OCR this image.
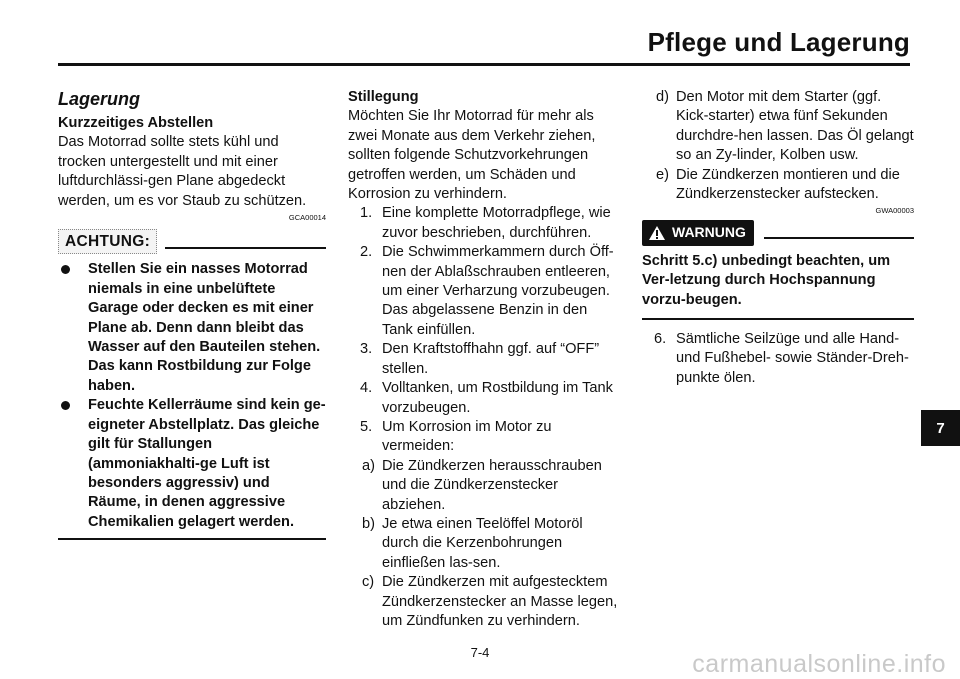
Pflege und Lagerung
Lagerung
Kurzzeitiges Abstellen

Das Motorrad sollte stets kühl und trocken untergestellt und mit einer luftdurchlässi-gen Plane abgedeckt werden, um es vor Staub zu schützen.

GCA00014
ACHTUNG:
Stellen Sie ein nasses Motorrad niemals in eine unbelüftete Garage oder decken es mit einer Plane ab. Denn dann bleibt das Wasser auf den Bauteilen stehen. Das kann Rostbildung zur Folge haben.
Feuchte Kellerräume sind kein ge-eigneter Abstellplatz. Das gleiche gilt für Stallungen (ammoniakhalti-ge Luft ist besonders aggressiv) und Räume, in denen aggressive Chemikalien gelagert werden.
Stillegung

Möchten Sie Ihr Motorrad für mehr als zwei Monate aus dem Verkehr ziehen, sollten folgende Schutzvorkehrungen getroffen werden, um Schäden und Korrosion zu verhindern.

1. Eine komplette Motorradpflege, wie zuvor beschrieben, durchführen.
2. Die Schwimmerkammern durch Öff-nen der Ablaßschrauben entleeren, um einer Verharzung vorzubeugen. Das abgelassene Benzin in den Tank einfüllen.
3. Den Kraftstoffhahn ggf. auf “OFF” stellen.
4. Volltanken, um Rostbildung im Tank vorzubeugen.
5. Um Korrosion im Motor zu vermeiden:
a) Die Zündkerzen herausschrauben und die Zündkerzenstecker abziehen.
b) Je etwa einen Teelöffel Motoröl durch die Kerzenbohrungen einfließen las-sen.
c) Die Zündkerzen mit aufgestecktem Zündkerzenstecker an Masse legen, um Zündfunken zu verhindern.
d) Den Motor mit dem Starter (ggf. Kick-starter) etwa fünf Sekunden durchdre-hen lassen. Das Öl gelangt so an Zy-linder, Kolben usw.
e) Die Zündkerzen montieren und die Zündkerzenstecker aufstecken.
GWA00003
WARNUNG
Schritt 5.c) unbedingt beachten, um Ver-letzung durch Hochspannung vorzu-beugen.
6. Sämtliche Seilzüge und alle Hand-und Fußhebel- sowie Ständer-Dreh-punkte ölen.
7
7-4	carmanualsonline.info
